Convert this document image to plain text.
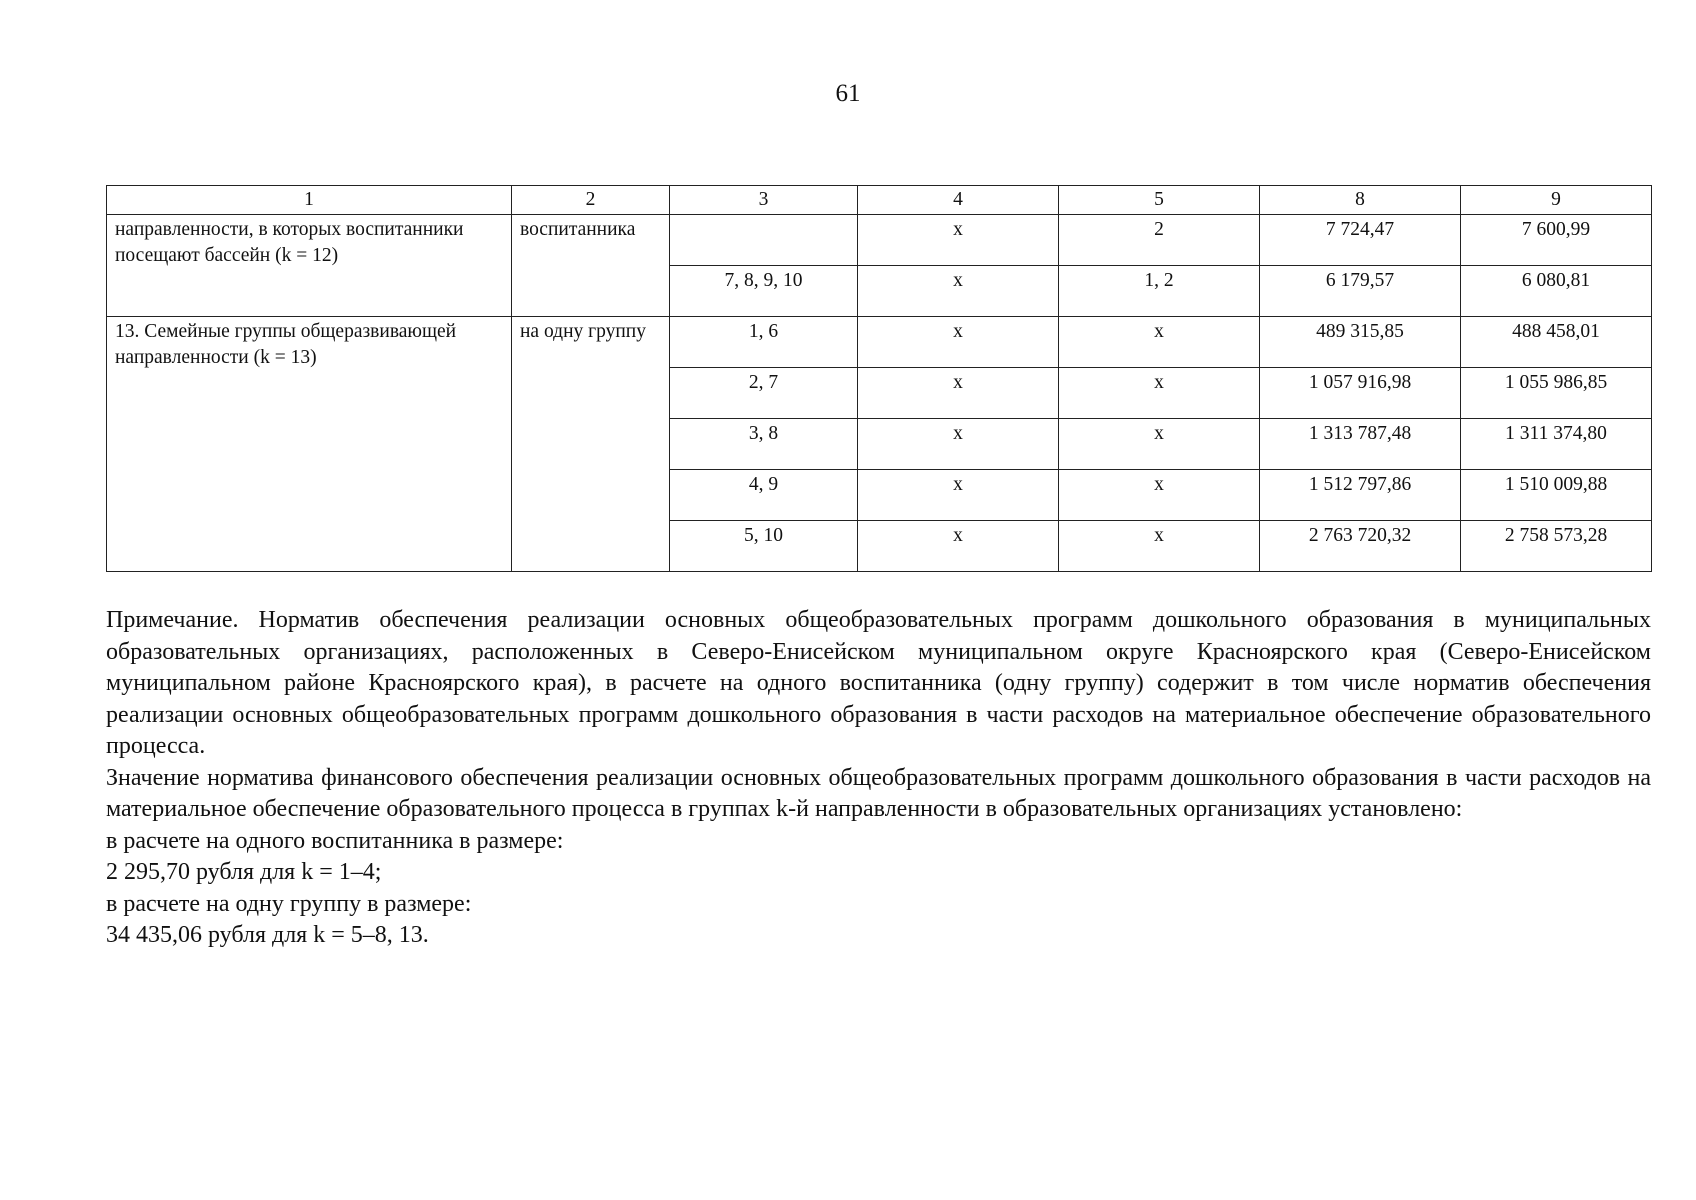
61
1	2	3	4	5	8	9
направленности, в которых воспитанники посещают бассейн (k = 12)	воспитанника		x	2	7 724,47	7 600,99
		7, 8, 9, 10	x	1, 2	6 179,57	6 080,81
13. Семейные группы общеразвивающей направленности (k = 13)	на одну группу	1, 6	x	x	489 315,85	488 458,01
		2, 7	x	x	1 057 916,98	1 055 986,85
		3, 8	x	x	1 313 787,48	1 311 374,80
		4, 9	x	x	1 512 797,86	1 510 009,88
		5, 10	x	x	2 763 720,32	2 758 573,28

Примечание. Норматив обеспечения реализации основных общеобразовательных программ дошкольного образования в муниципальных образовательных организациях, расположенных в Северо-Енисейском муниципальном округе Красноярского края (Северо-Енисейском муниципальном районе Красноярского края), в расчете на одного воспитанника (одну группу) содержит в том числе норматив обеспечения реализации основных общеобразовательных программ дошкольного образования в части расходов на материальное обеспечение образовательного процесса.

Значение норматива финансового обеспечения реализации основных общеобразовательных программ дошкольного образования в части расходов на материальное обеспечение образовательного процесса в группах k-й направленности в образовательных организациях установлено:

в расчете на одного воспитанника в размере:

2 295,70 рубля для k = 1–4;

в расчете на одну группу в размере:

34 435,06 рубля для k = 5–8, 13.
